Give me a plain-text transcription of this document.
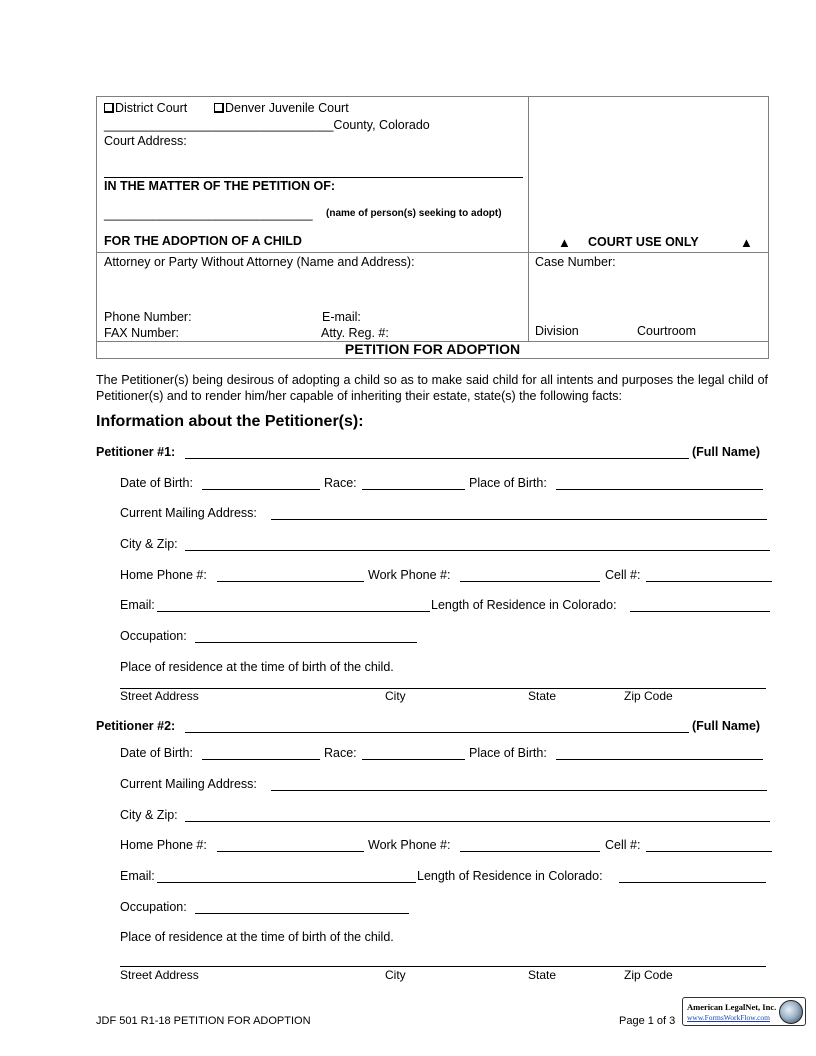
District Court	Denver Juvenile Court
_________________________________County, Colorado
Court Address:
IN THE MATTER OF THE PETITION OF:
______________________________ (name of person(s) seeking to adopt)
FOR THE ADOPTION OF A CHILD	▲ COURT USE ONLY	▲
Attorney or Party Without Attorney (Name and Address):
Phone Number:	E-mail:
FAX Number:	Atty. Reg. #:
Case Number:
Division	Courtroom
PETITION FOR ADOPTION
The Petitioner(s) being desirous of adopting a child so as to make said child for all intents and purposes the legal child of Petitioner(s) and to render him/her capable of inheriting their estate, state(s) the following facts:
Information about the Petitioner(s):
Petitioner #1:	(Full Name)
Date of Birth:	Race:	Place of Birth:
Current Mailing Address:
City & Zip:
Home Phone #:	Work Phone #:	Cell #:
Email:	Length of Residence in Colorado:
Occupation:
Place of residence at the time of birth of the child.
Street Address	City	State	Zip Code
Petitioner #2:	(Full Name)
Date of Birth:	Race:	Place of Birth:
Current Mailing Address:
City & Zip:
Home Phone #:	Work Phone #:	Cell #:
Email:	Length of Residence in Colorado:
Occupation:
Place of residence at the time of birth of the child.
Street Address	City	State	Zip Code
JDF 501 R1-18 PETITION FOR ADOPTION	Page 1 of 3
American LegalNet, Inc.
www.FormsWorkFlow.com
